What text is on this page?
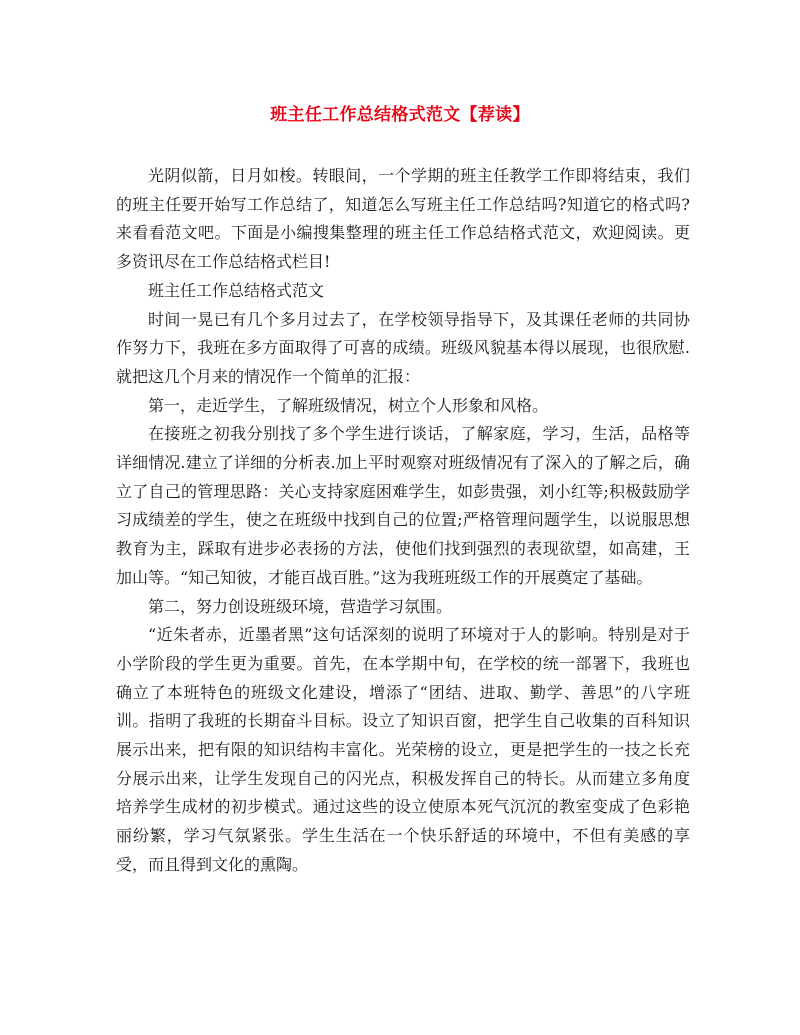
班主任工作总结格式范文【荐读】

光阴似箭，日月如梭。转眼间，一个学期的班主任教学工作即将结束，我们的班主任要开始写工作总结了，知道怎么写班主任工作总结吗?知道它的格式吗?来看看范文吧。下面是小编搜集整理的班主任工作总结格式范文，欢迎阅读。更多资讯尽在工作总结格式栏目!

班主任工作总结格式范文

时间一晃已有几个多月过去了，在学校领导指导下，及其课任老师的共同协作努力下，我班在多方面取得了可喜的成绩。班级风貌基本得以展现，也很欣慰.就把这几个月来的情况作一个简单的汇报：

第一，走近学生，了解班级情况，树立个人形象和风格。

在接班之初我分别找了多个学生进行谈话，了解家庭，学习，生活，品格等详细情况.建立了详细的分析表.加上平时观察对班级情况有了深入的了解之后，确立了自己的管理思路：关心支持家庭困难学生，如彭贵强，刘小红等;积极鼓励学习成绩差的学生，使之在班级中找到自己的位置;严格管理问题学生，以说服思想教育为主，踩取有进步必表扬的方法，使他们找到强烈的表现欲望，如高建，王加山等。“知己知彼，才能百战百胜。”这为我班班级工作的开展奠定了基础。

第二，努力创设班级环境，营造学习氛围。

“近朱者赤，近墨者黑”这句话深刻的说明了环境对于人的影响。特别是对于小学阶段的学生更为重要。首先，在本学期中旬，在学校的统一部署下，我班也确立了本班特色的班级文化建设，增添了“团结、进取、勤学、善思”的八字班训。指明了我班的长期奋斗目标。设立了知识百窗，把学生自己收集的百科知识展示出来，把有限的知识结构丰富化。光荣榜的设立，更是把学生的一技之长充分展示出来，让学生发现自己的闪光点，积极发挥自己的特长。从而建立多角度培养学生成材的初步模式。通过这些的设立使原本死气沉沉的教室变成了色彩艳丽纷繁，学习气氛紧张。学生生活在一个快乐舒适的环境中，不但有美感的享受，而且得到文化的熏陶。
